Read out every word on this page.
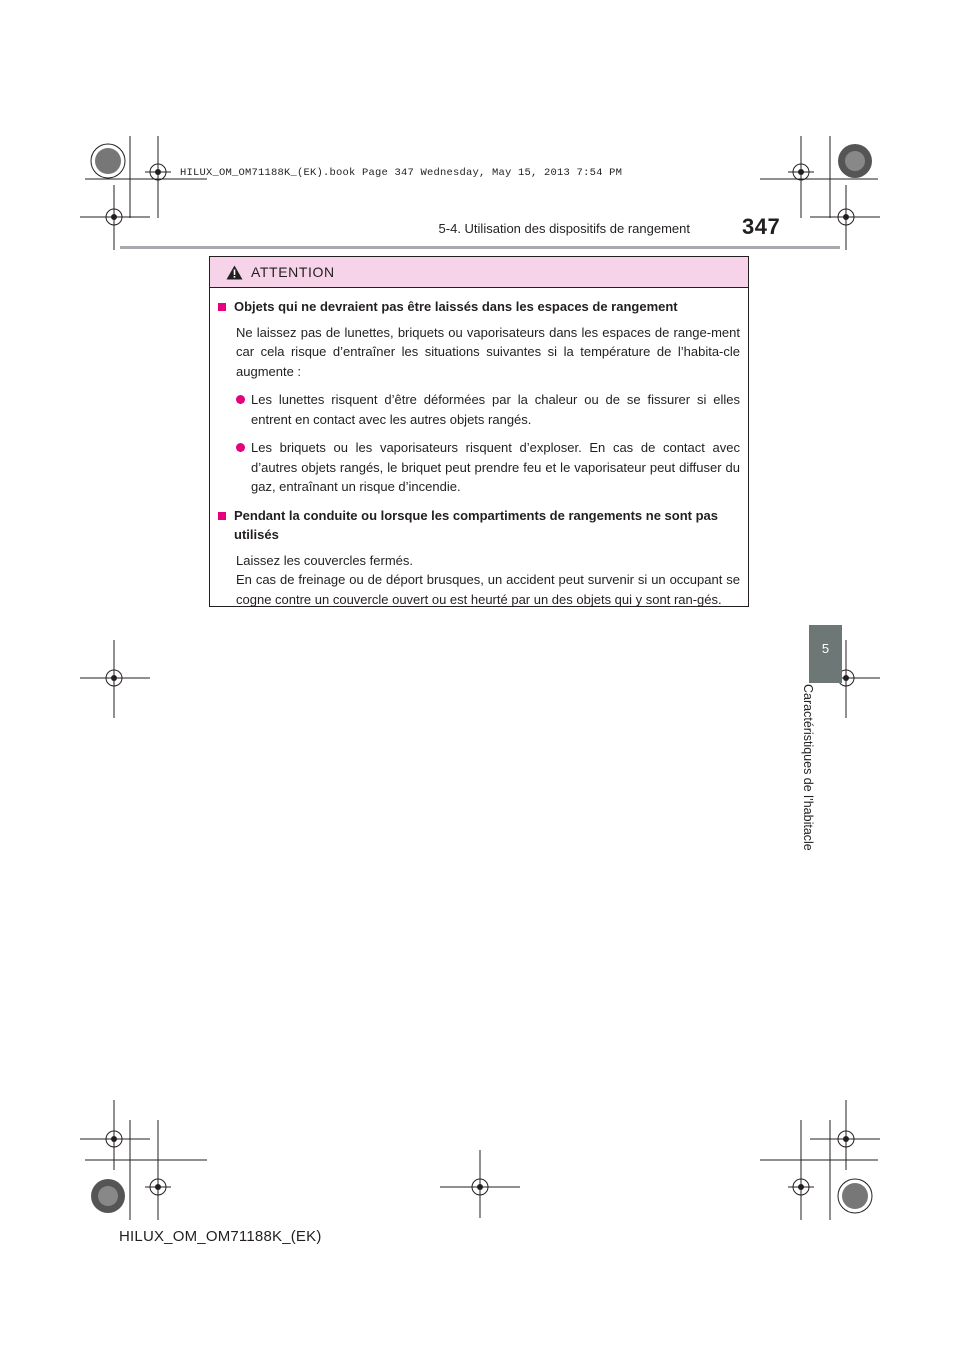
HILUX_OM_OM71188K_(EK).book Page 347 Wednesday, May 15, 2013 7:54 PM
5-4. Utilisation des dispositifs de rangement 347
ATTENTION
Objets qui ne devraient pas être laissés dans les espaces de rangement
Ne laissez pas de lunettes, briquets ou vaporisateurs dans les espaces de range-ment car cela risque d’entraîner les situations suivantes si la température de l’habita-cle augmente :
Les lunettes risquent d’être déformées par la chaleur ou de se fissurer si elles entrent en contact avec les autres objets rangés.
Les briquets ou les vaporisateurs risquent d’exploser. En cas de contact avec d’autres objets rangés, le briquet peut prendre feu et le vaporisateur peut diffuser du gaz, entraînant un risque d’incendie.
Pendant la conduite ou lorsque les compartiments de rangements ne sont pas utilisés
Laissez les couvercles fermés.
En cas de freinage ou de déport brusques, un accident peut survenir si un occupant se cogne contre un couvercle ouvert ou est heurté par un des objets qui y sont ran-gés.
5
Caractéristiques de l’habitacle
HILUX_OM_OM71188K_(EK)
